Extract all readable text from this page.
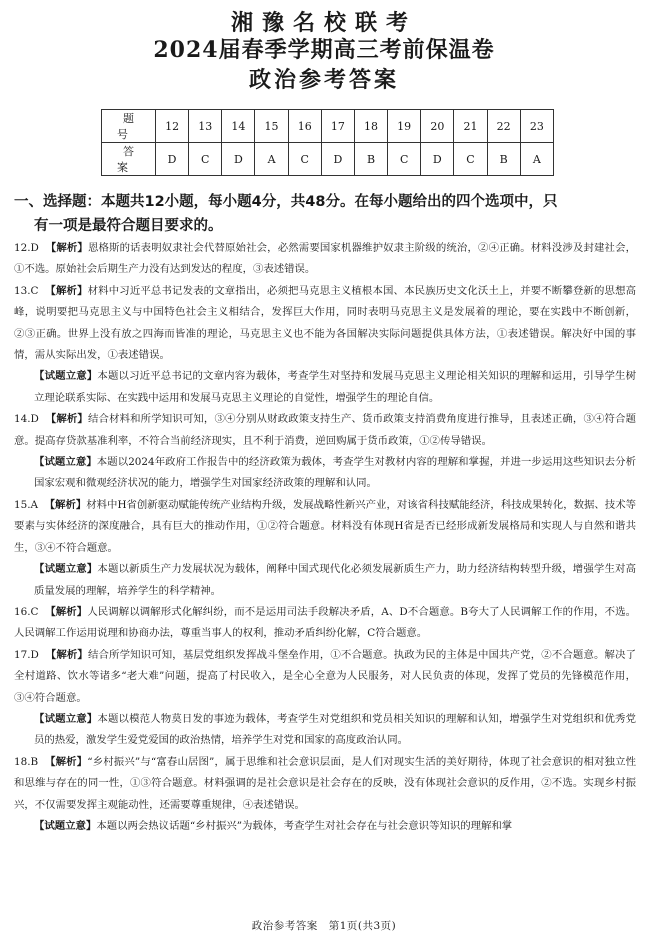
湘豫名校联考
2024届春季学期高三考前保温卷
政治参考答案
题　号	12	13	14	15	16	17	18	19	20	21	22	23
答　案	D	C	D	A	C	D	B	C	D	C	B	A
一、选择题：本题共12小题，每小题4分，共48分。在每小题给出的四个选项中，只
有一项是最符合题目要求的。

12.D 【解析】恩格斯的话表明奴隶社会代替原始社会，必然需要国家机器维护奴隶主阶级的统治，②④正确。材料没涉及封建社会，①不选。原始社会后期生产力没有达到发达的程度，③表述错误。

13.C 【解析】材料中习近平总书记发表的文章指出，必须把马克思主义植根本国、本民族历史文化沃土上，并要不断攀登新的思想高峰，说明要把马克思主义与中国特色社会主义相结合，发挥巨大作用，同时表明马克思主义是发展着的理论，要在实践中不断创新，②③正确。世界上没有放之四海而皆准的理论，马克思主义也不能为各国解决实际问题提供具体方法，①表述错误。解决好中国的事情，需从实际出发，①表述错误。

【试题立意】本题以习近平总书记的文章内容为载体，考查学生对坚持和发展马克思主义理论相关知识的理解和运用，引导学生树立理论联系实际、在实践中运用和发展马克思主义理论的自觉性，增强学生的理论自信。

14.D 【解析】结合材料和所学知识可知，③④分别从财政政策支持生产、货币政策支持消费角度进行推导，且表述正确，③④符合题意。提高存贷款基准利率，不符合当前经济现实，且不利于消费，逆回购属于货币政策，①②传导错误。

【试题立意】本题以2024年政府工作报告中的经济政策为载体，考查学生对教材内容的理解和掌握，并进一步运用这些知识去分析国家宏观和微观经济状况的能力，增强学生对国家经济政策的理解和认同。

15.A 【解析】材料中H省创新驱动赋能传统产业结构升级，发展战略性新兴产业，对该省科技赋能经济，科技成果转化，数据、技术等要素与实体经济的深度融合，具有巨大的推动作用，①②符合题意。材料没有体现H省是否已经形成新发展格局和实现人与自然和谐共生，③④不符合题意。

【试题立意】本题以新质生产力发展状况为载体，阐释中国式现代化必须发展新质生产力，助力经济结构转型升级，增强学生对高质量发展的理解，培养学生的科学精神。

16.C 【解析】人民调解以调解形式化解纠纷，而不是运用司法手段解决矛盾，A、D不合题意。B夸大了人民调解工作的作用，不选。人民调解工作运用说理和协商办法，尊重当事人的权利，推动矛盾纠纷化解，C符合题意。

17.D 【解析】结合所学知识可知，基层党组织发挥战斗堡垒作用，①不合题意。执政为民的主体是中国共产党，②不合题意。解决了全村道路、饮水等诸多“老大难”问题，提高了村民收入，是全心全意为人民服务，对人民负责的体现，发挥了党员的先锋模范作用，③④符合题意。

【试题立意】本题以模范人物莫日发的事迹为载体，考查学生对党组织和党员相关知识的理解和认知，增强学生对党组织和优秀党员的热爱，激发学生爱党爱国的政治热情，培养学生对党和国家的高度政治认同。

18.B 【解析】“乡村振兴”与“富春山居图”，属于思维和社会意识层面，是人们对现实生活的美好期待，体现了社会意识的相对独立性和思维与存在的同一性，①③符合题意。材料强调的是社会意识是社会存在的反映，没有体现社会意识的反作用，②不选。实现乡村振兴，不仅需要发挥主观能动性，还需要尊重规律，④表述错误。

【试题立意】本题以两会热议话题“乡村振兴”为载体，考查学生对社会存在与社会意识等知识的理解和掌

政治参考答案　第1页(共3页)
